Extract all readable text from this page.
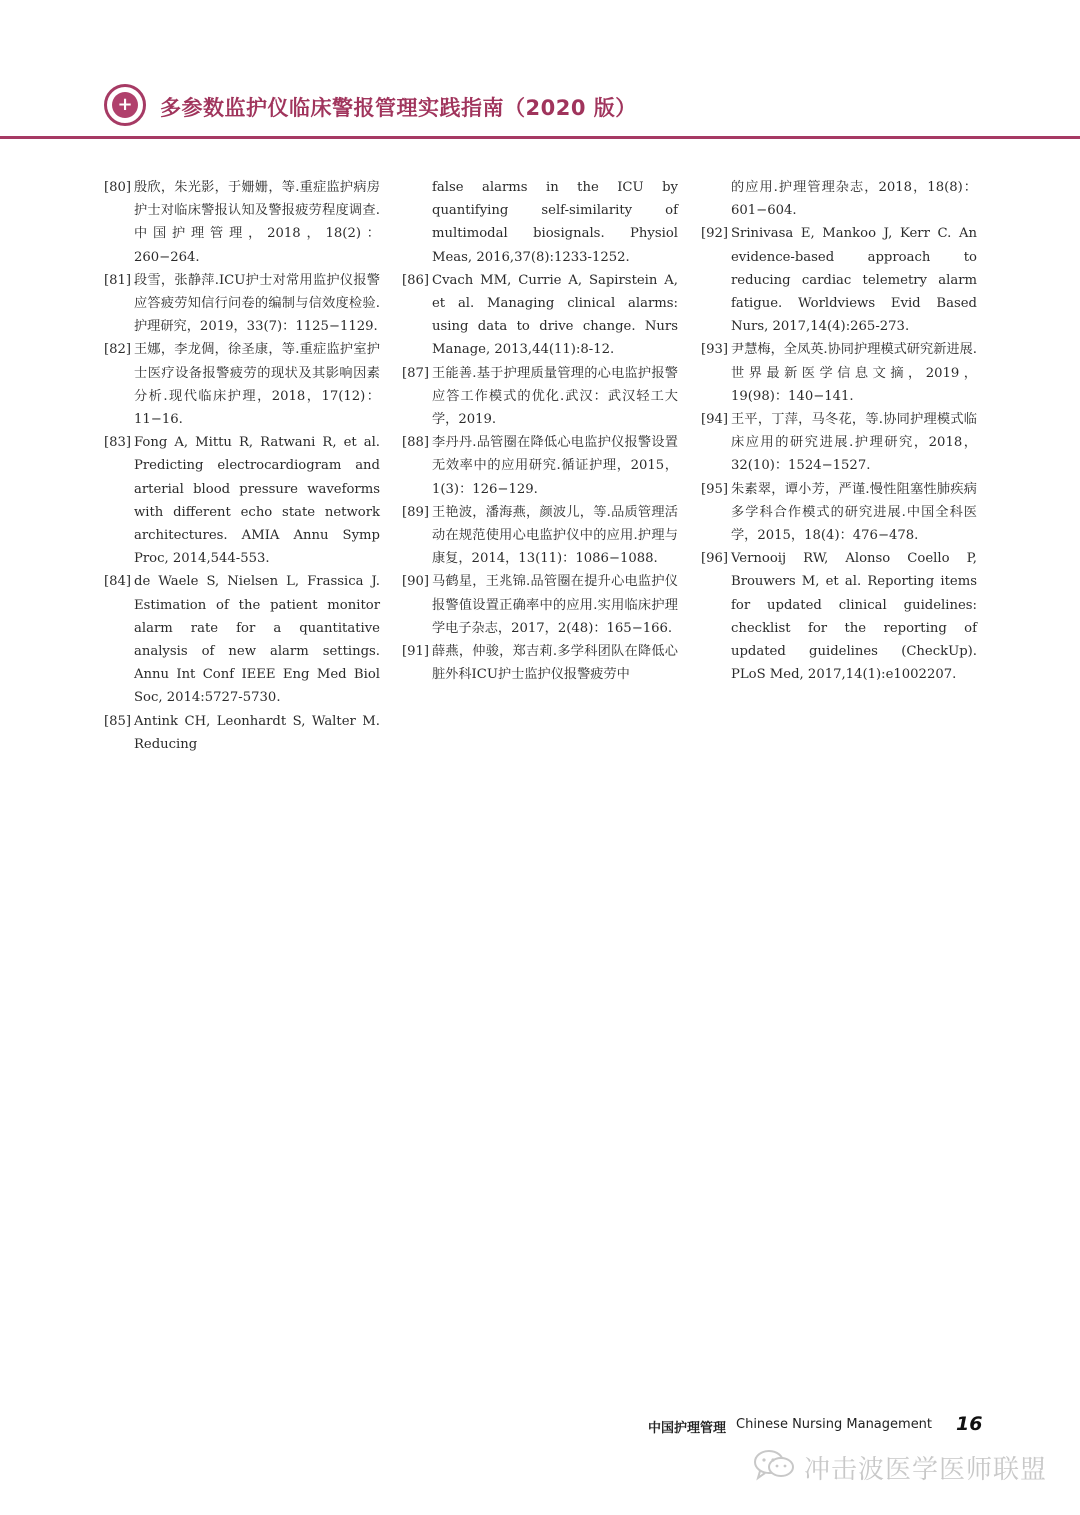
+ 多参数监护仪临床警报管理实践指南（2020 版）
[80] 殷欣，朱光影，于姗姗，等.重症监护病房护士对临床警报认知及警报疲劳程度调查.中国护理管理，2018，18(2)：260−264.
[81] 段雪，张静萍.ICU护士对常用监护仪报警应答疲劳知信行问卷的编制与信效度检验.护理研究，2019，33(7)：1125−1129.
[82] 王娜，李龙倜，徐圣康，等.重症监护室护士医疗设备报警疲劳的现状及其影响因素分析.现代临床护理，2018，17(12)：11−16.
[83] Fong A, Mittu R, Ratwani R, et al. Predicting electrocardiogram and arterial blood pressure waveforms with different echo state network architectures. AMIA Annu Symp Proc, 2014,544-553.
[84] de Waele S, Nielsen L, Frassica J. Estimation of the patient monitor alarm rate for a quantitative analysis of new alarm settings. Annu Int Conf IEEE Eng Med Biol Soc, 2014:5727-5730.
[85] Antink CH, Leonhardt S, Walter M. Reducing
false alarms in the ICU by quantifying self-similarity of multimodal biosignals. Physiol Meas, 2016,37(8):1233-1252.
[86] Cvach MM, Currie A, Sapirstein A, et al. Managing clinical alarms: using data to drive change. Nurs Manage, 2013,44(11):8-12.
[87] 王能善.基于护理质量管理的心电监护报警应答工作模式的优化.武汉：武汉轻工大学，2019.
[88] 李丹丹.品管圈在降低心电监护仪报警设置无效率中的应用研究.循证护理，2015，1(3)：126−129.
[89] 王艳波，潘海燕，颜波儿，等.品质管理活动在规范使用心电监护仪中的应用.护理与康复，2014，13(11)：1086−1088.
[90] 马鹤星，王兆锦.品管圈在提升心电监护仪报警值设置正确率中的应用.实用临床护理学电子杂志，2017，2(48)：165−166.
[91] 薛燕，仲骏，郑吉莉.多学科团队在降低心脏外科ICU护士监护仪报警疲劳中
的应用.护理管理杂志，2018，18(8)：601−604.
[92] Srinivasa E, Mankoo J, Kerr C. An evidence-based approach to reducing cardiac telemetry alarm fatigue. Worldviews Evid Based Nurs, 2017,14(4):265-273.
[93] 尹慧梅，全凤英.协同护理模式研究新进展.世界最新医学信息文摘，2019，19(98)：140−141.
[94] 王平，丁萍，马冬花，等.协同护理模式临床应用的研究进展.护理研究，2018，32(10)：1524−1527.
[95] 朱素翠，谭小芳，严谨.慢性阻塞性肺疾病多学科合作模式的研究进展.中国全科医学，2015，18(4)：476−478.
[96] Vernooij RW, Alonso Coello P, Brouwers M, et al. Reporting items for updated clinical guidelines: checklist for the reporting of updated guidelines (CheckUp). PLoS Med, 2017,14(1):e1002207.
中国护理管理 Chinese Nursing Management 16
冲击波医学医师联盟
